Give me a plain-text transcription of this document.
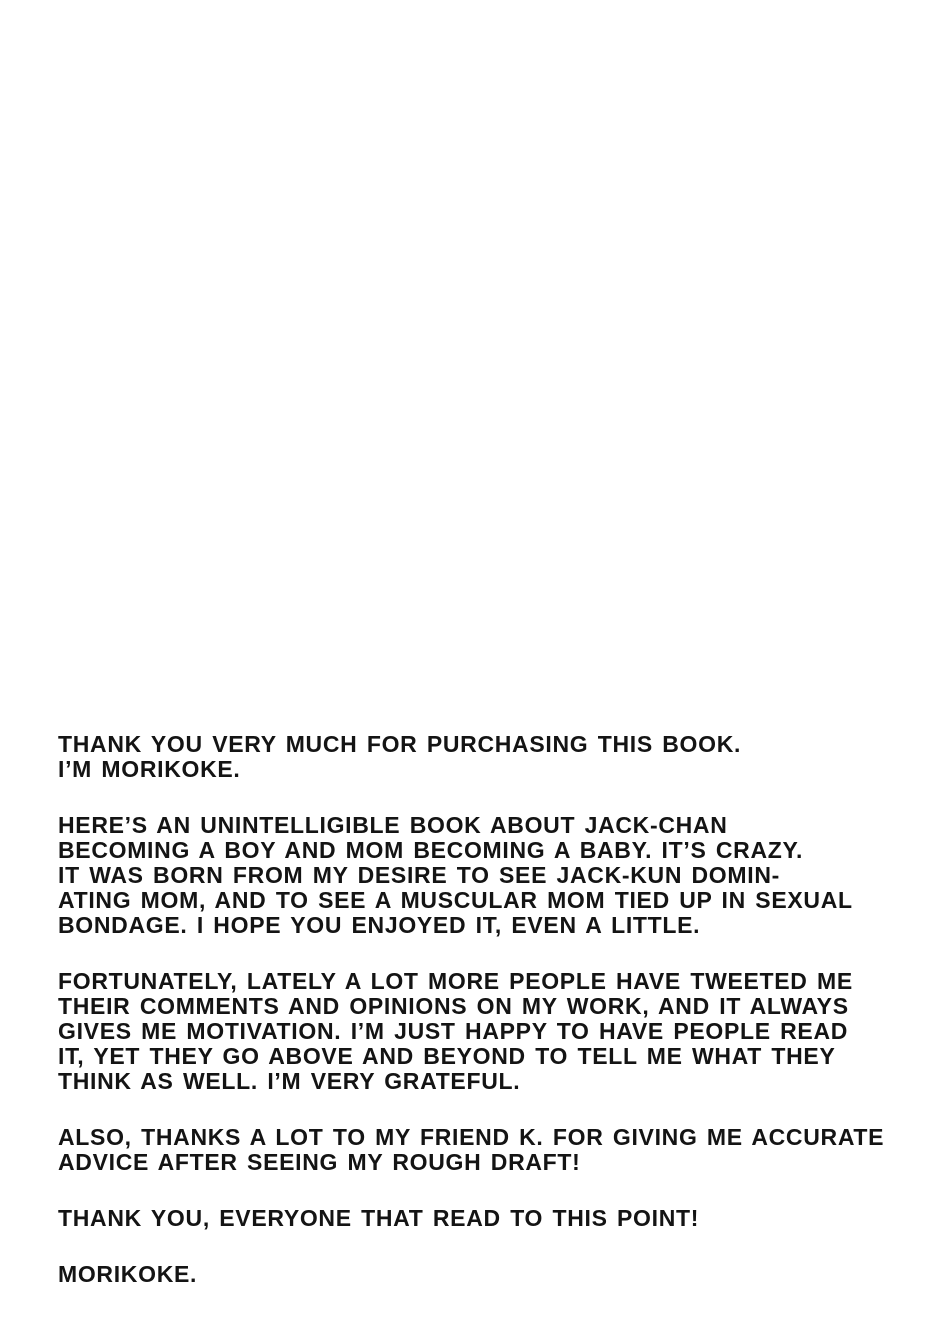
THANK YOU VERY MUCH FOR PURCHASING THIS BOOK.
I’M MORIKOKE.

HERE’S AN UNINTELLIGIBLE BOOK ABOUT JACK-CHAN
BECOMING A BOY AND MOM BECOMING A BABY. IT’S CRAZY.
IT WAS BORN FROM MY DESIRE TO SEE JACK-KUN DOMIN-
ATING MOM, AND TO SEE A MUSCULAR MOM TIED UP IN SEXUAL
BONDAGE. I HOPE YOU ENJOYED IT, EVEN A LITTLE.

FORTUNATELY, LATELY A LOT MORE PEOPLE HAVE TWEETED ME
THEIR COMMENTS AND OPINIONS ON MY WORK, AND IT ALWAYS
GIVES ME MOTIVATION. I’M JUST HAPPY TO HAVE PEOPLE READ
IT, YET THEY GO ABOVE AND BEYOND TO TELL ME WHAT THEY
THINK AS WELL. I’M VERY GRATEFUL.

ALSO, THANKS A LOT TO MY FRIEND K. FOR GIVING ME ACCURATE
ADVICE AFTER SEEING MY ROUGH DRAFT!

THANK YOU, EVERYONE THAT READ TO THIS POINT!

MORIKOKE.
